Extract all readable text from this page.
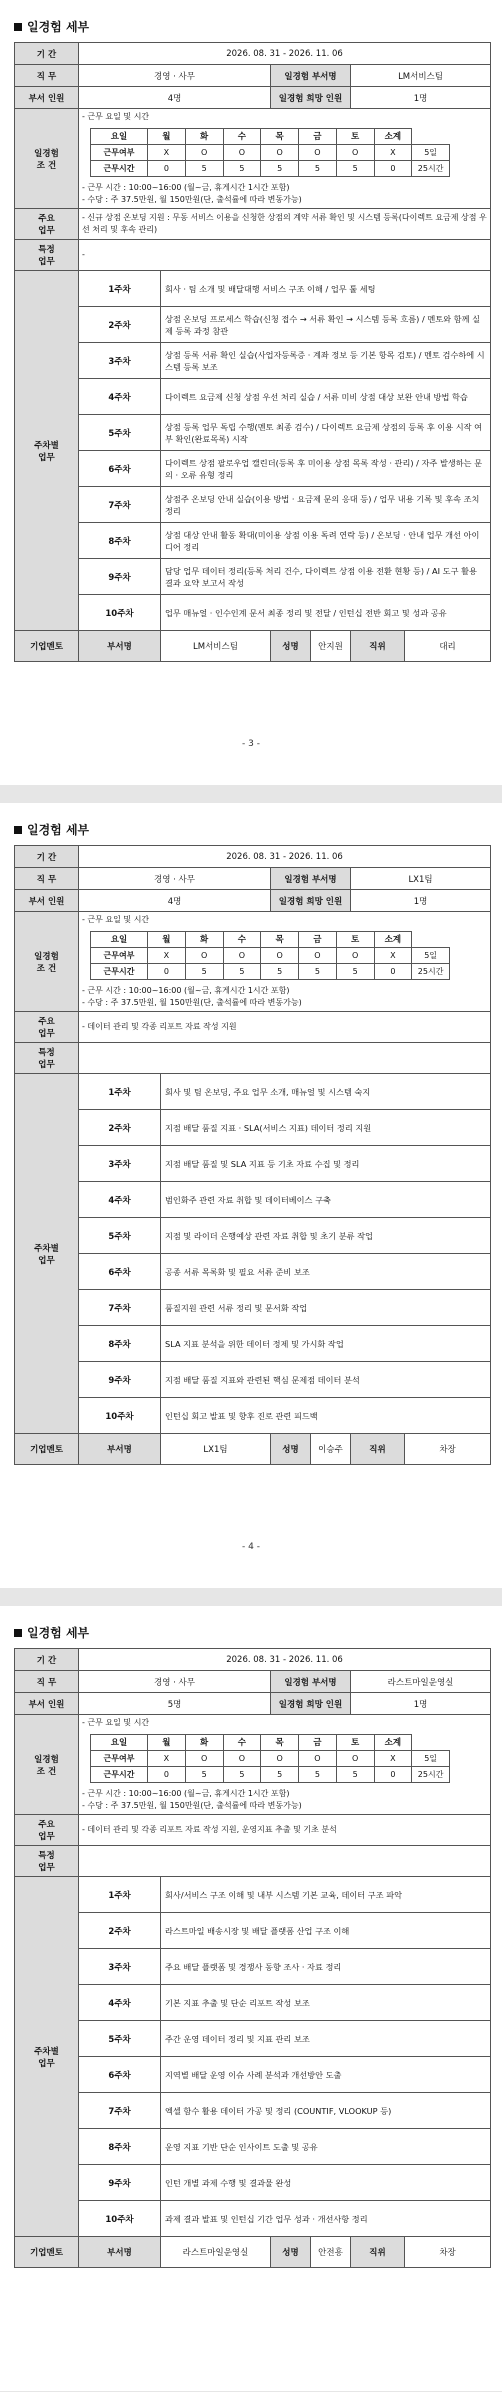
일경험 세부
기 간	2026. 08. 31 - 2026. 11. 06
직 무	경영 · 사무	일경험 부서명	LM서비스팀
부서 인원	4명	일경험 희망 인원	1명
일경험
조 건	
- 근무 요일 및 시간
요일	월	화	수	목	금	토	소계
근무여부	X	O	O	O	O	O	X	5일
근무시간	0	5	5	5	5	5	0	25시간
- 근무 시간 : 10:00~16:00 (월~금, 휴게시간 1시간 포함)
- 수당 : 주 37.5만원, 월 150만원(단, 출석률에 따라 변동가능)

주요
업무	- 신규 상점 온보딩 지원 : 무동 서비스 이용을 신청한 상점의 계약 서류 확인 및 시스템 등록(다이렉트 요금제 상점 우선 처리 및 후속 관리)
특정
업무	-
주차별
업무	1주차	회사 · 팀 소개 및 배달대행 서비스 구조 이해 / 업무 툴 세팅
2주차	상점 온보딩 프로세스 학습(신청 접수 → 서류 확인 → 시스템 등록 흐름) / 멘토와 함께 실제 등록 과정 참관
3주차	상점 등록 서류 확인 실습(사업자등록증 · 계좌 정보 등 기본 항목 검토) / 멘토 검수하에 시스템 등록 보조
4주차	다이렉트 요금제 신청 상점 우선 처리 실습 / 서류 미비 상점 대상 보완 안내 방법 학습
5주차	상점 등록 업무 독립 수행(멘토 최종 검수) / 다이렉트 요금제 상점의 등록 후 이용 시작 여부 확인(완료목록) 시작
6주차	다이렉트 상점 팔로우업 캘린더(등록 후 미이용 상점 목록 작성 · 관리) / 자주 발생하는 문의 · 오류 유형 정리
7주차	상점주 온보딩 안내 실습(이용 방법 · 요금제 문의 응대 등) / 업무 내용 기록 및 후속 조치 정리
8주차	상점 대상 안내 활동 확대(미이용 상점 이용 독려 연락 등) / 온보딩 · 안내 업무 개선 아이디어 정리
9주차	담당 업무 데이터 정리(등록 처리 건수, 다이렉트 상점 이용 전환 현황 등) / AI 도구 활용 결과 요약 보고서 작성
10주차	업무 매뉴얼 · 인수인계 문서 최종 정리 및 전달 / 인턴십 전반 회고 및 성과 공유
기업멘토	부서명	LM서비스팀	성명	안지원	직위	대리
- 3 -
일경험 세부
기 간	2026. 08. 31 - 2026. 11. 06
직 무	경영 · 사무	일경험 부서명	LX1팀
부서 인원	4명	일경험 희망 인원	1명
일경험
조 건	
- 근무 요일 및 시간
요일	월	화	수	목	금	토	소계
근무여부	X	O	O	O	O	O	X	5일
근무시간	0	5	5	5	5	5	0	25시간
- 근무 시간 : 10:00~16:00 (월~금, 휴게시간 1시간 포함)
- 수당 : 주 37.5만원, 월 150만원(단, 출석률에 따라 변동가능)

주요
업무	- 데이터 관리 및 각종 리포트 자료 작성 지원
특정
업무	
주차별
업무	1주차	회사 및 팀 온보딩, 주요 업무 소개, 매뉴얼 및 시스템 숙지
2주차	지점 배달 품질 지표 · SLA(서비스 지표) 데이터 정리 지원
3주차	지점 배달 품질 및 SLA 지표 등 기초 자료 수집 및 정리
4주차	범인화주 관련 자료 취합 및 데이터베이스 구축
5주차	지점 및 라이더 은행예상 관련 자료 취합 및 초기 분류 작업
6주차	공종 서류 목록화 및 필요 서류 준비 보조
7주차	품질지원 관련 서류 정리 및 문서화 작업
8주차	SLA 지표 분석을 위한 데이터 정제 및 가시화 작업
9주차	지점 배달 품질 지표와 관련된 핵심 문제점 데이터 분석
10주차	인턴십 회고 발표 및 향후 진로 관련 피드백
기업멘토	부서명	LX1팀	성명	이승주	직위	차장
- 4 -
일경험 세부
기 간	2026. 08. 31 - 2026. 11. 06
직 무	경영 · 사무	일경험 부서명	라스트마일운영실
부서 인원	5명	일경험 희망 인원	1명
일경험
조 건	
- 근무 요일 및 시간
요일	월	화	수	목	금	토	소계
근무여부	X	O	O	O	O	O	X	5일
근무시간	0	5	5	5	5	5	0	25시간
- 근무 시간 : 10:00~16:00 (월~금, 휴게시간 1시간 포함)
- 수당 : 주 37.5만원, 월 150만원(단, 출석률에 따라 변동가능)

주요
업무	- 데이터 관리 및 각종 리포트 자료 작성 지원, 운영지표 추출 및 기초 분석
특정
업무	
주차별
업무	1주차	회사/서비스 구조 이해 및 내부 시스템 기본 교육, 데이터 구조 파악
2주차	라스트마일 배송시장 및 배달 플랫폼 산업 구조 이해
3주차	주요 배달 플랫폼 및 경쟁사 동향 조사 · 자료 정리
4주차	기본 지표 추출 및 단순 리포트 작성 보조
5주차	주간 운영 데이터 정리 및 지표 관리 보조
6주차	지역별 배달 운영 이슈 사례 분석과 개선방안 도출
7주차	엑셀 함수 활용 데이터 가공 및 정리 (COUNTIF, VLOOKUP 등)
8주차	운영 지표 기반 단순 인사이트 도출 및 공유
9주차	인턴 개별 과제 수행 및 결과물 완성
10주차	과제 결과 발표 및 인턴십 기간 업무 성과 · 개선사항 정리
기업멘토	부서명	라스트마일운영실	성명	안전흥	직위	차장
